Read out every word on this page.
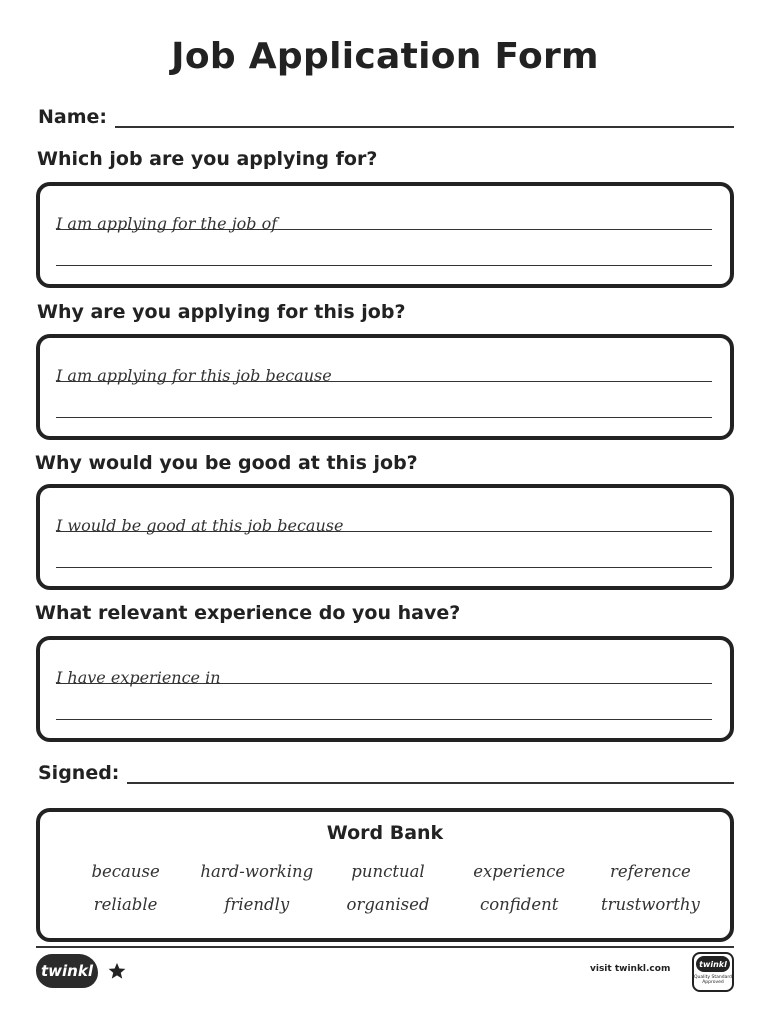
Job Application Form
Name:
Which job are you applying for?
I am applying for the job of
Why are you applying for this job?
I am applying for this job because
Why would you be good at this job?
I would be good at this job because
What relevant experience do you have?
I have experience in
Signed:
Word Bank
because	hard-working	punctual	experience	reference
reliable	friendly	organised	confident	trustworthy
twinkl	visit twinkl.com	twinkl
Quality Standard Approved
